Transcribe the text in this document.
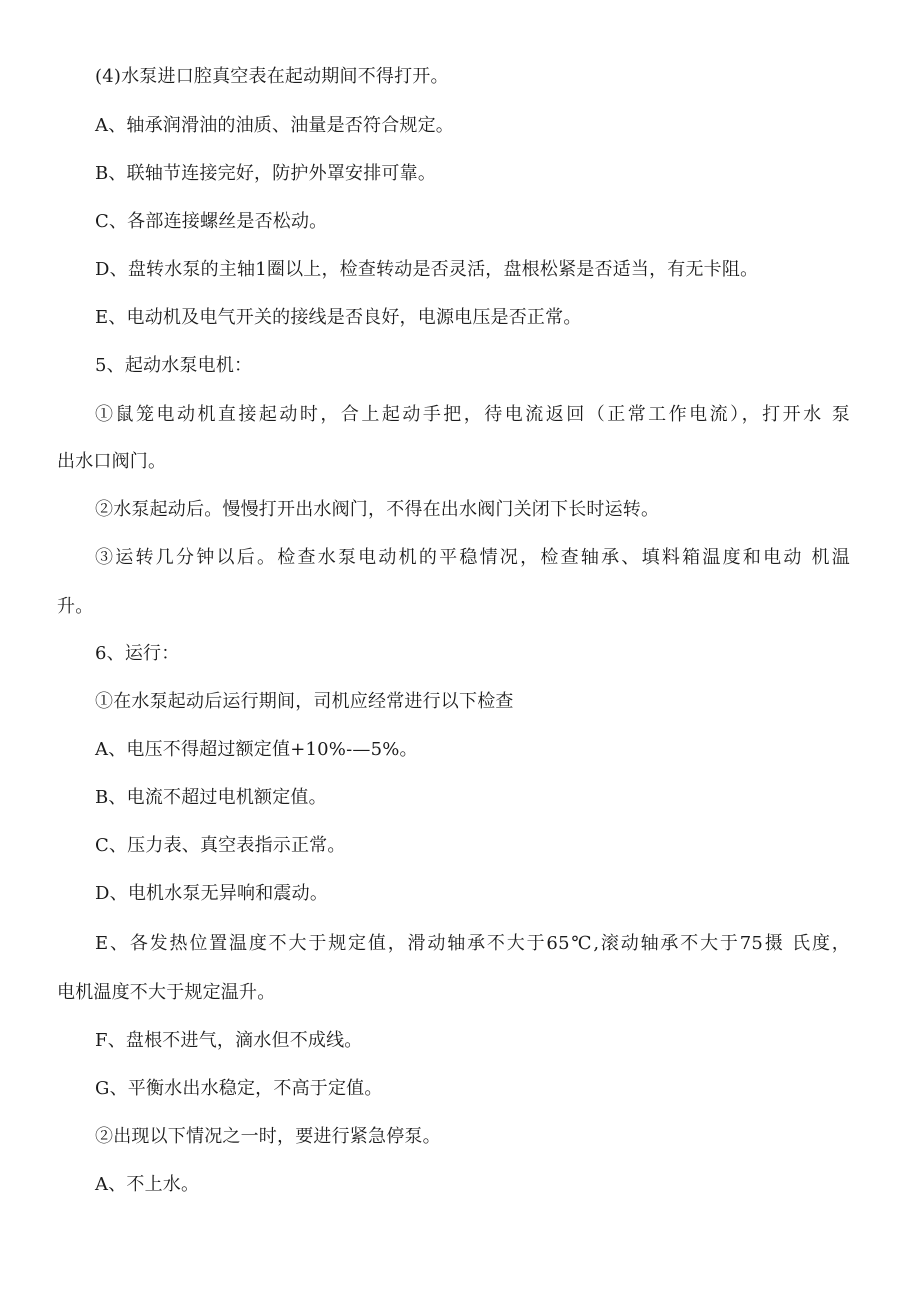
(4)水泵进口腔真空表在起动期间不得打开。

A、轴承润滑油的油质、油量是否符合规定。

B、联轴节连接完好，防护外罩安排可靠。

C、各部连接螺丝是否松动。

D、盘转水泵的主轴1圈以上，检查转动是否灵活，盘根松紧是否适当，有无卡阻。

E、电动机及电气开关的接线是否良好，电源电压是否正常。

5、起动水泵电机：

①鼠笼电动机直接起动时，合上起动手把，待电流返回（正常工作电流），打开水 泵

出水口阀门。

②水泵起动后。慢慢打开出水阀门，不得在出水阀门关闭下长时运转。

③运转几分钟以后。检查水泵电动机的平稳情况，检查轴承、填料箱温度和电动 机温

升。

6、运行：

①在水泵起动后运行期间，司机应经常进行以下检查

A、电压不得超过额定值+10%-—5%。

B、电流不超过电机额定值。

C、压力表、真空表指示正常。

D、电机水泵无异响和震动。

E、各发热位置温度不大于规定值，滑动轴承不大于65℃,滚动轴承不大于75摄 氏度，

电机温度不大于规定温升。

F、盘根不进气，滴水但不成线。

G、平衡水出水稳定，不高于定值。

②出现以下情况之一时，要进行紧急停泵。

A、不上水。
